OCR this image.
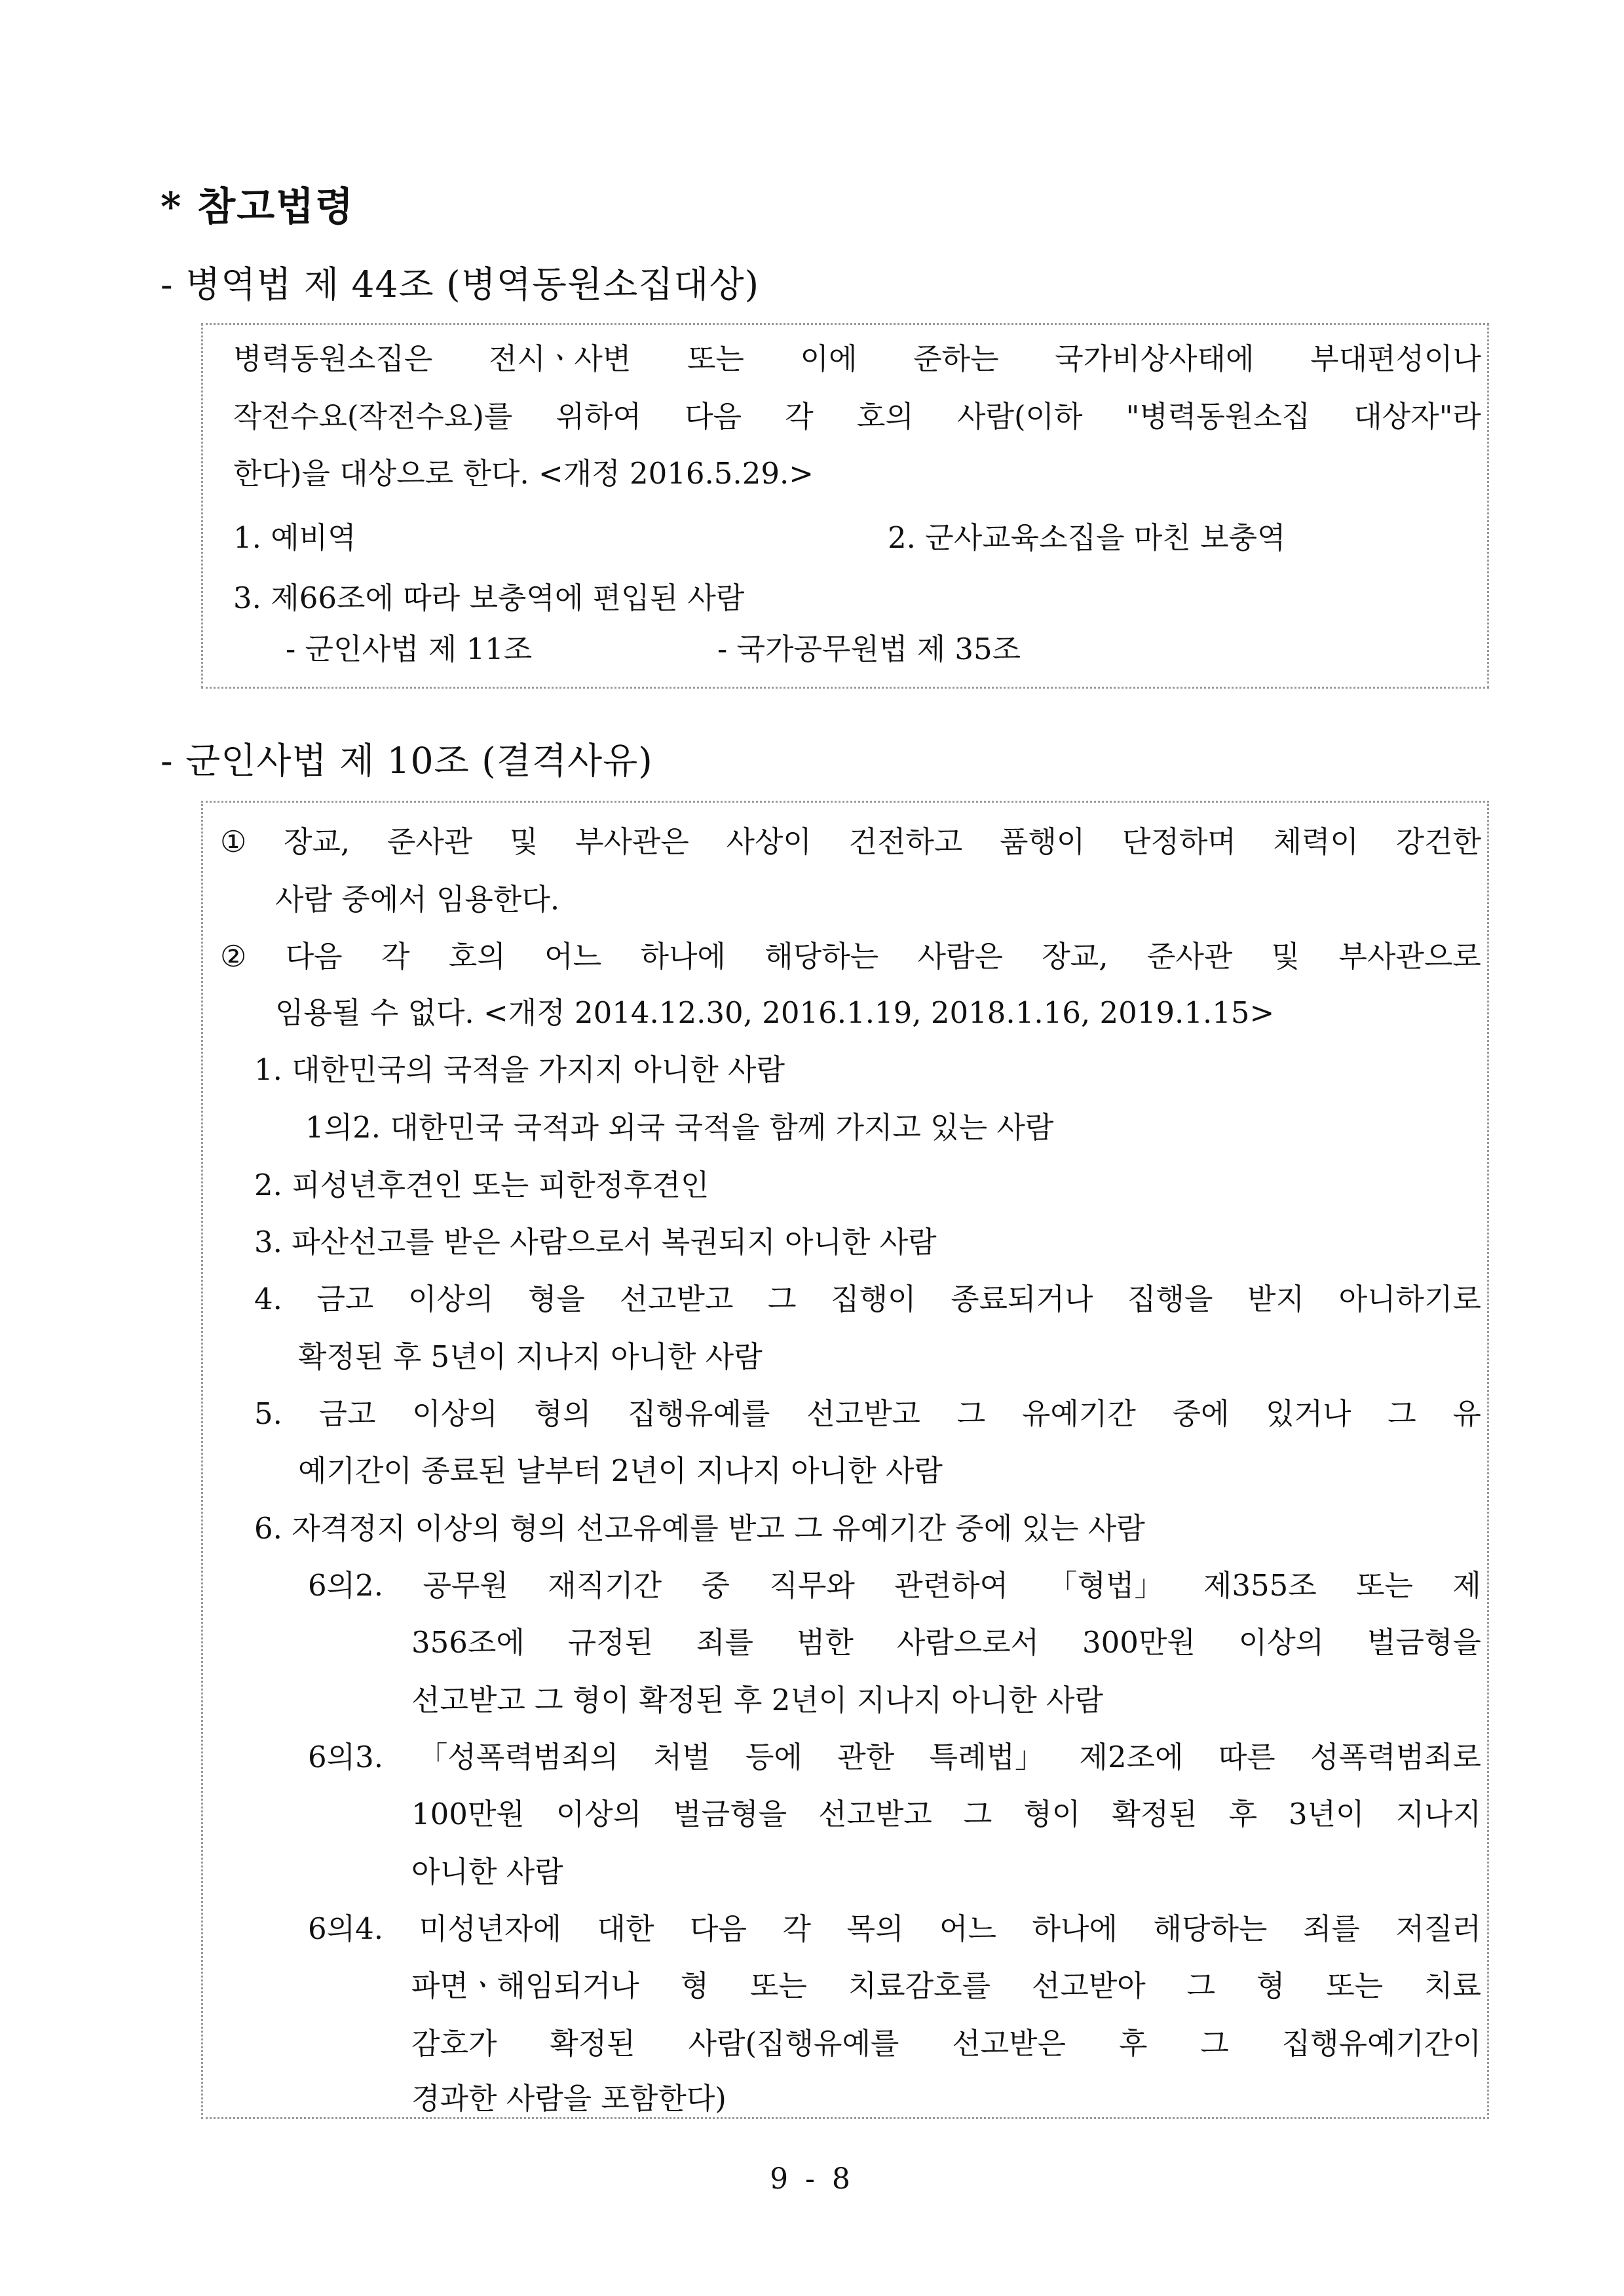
* 참고법령
- 병역법 제 44조 (병역동원소집대상)
병력동원소집은 전시ㆍ사변 또는 이에 준하는 국가비상사태에 부대편성이나
작전수요(작전수요)를 위하여 다음 각 호의 사람(이하 "병력동원소집 대상자"라
한다)을 대상으로 한다. <개정 2016.5.29.>
1. 예비역	2. 군사교육소집을 마친 보충역
3. 제66조에 따라 보충역에 편입된 사람
- 군인사법 제 11조	- 국가공무원법 제 35조
- 군인사법 제 10조 (결격사유)
① 장교, 준사관 및 부사관은 사상이 건전하고 품행이 단정하며 체력이 강건한
사람 중에서 임용한다.
② 다음 각 호의 어느 하나에 해당하는 사람은 장교, 준사관 및 부사관으로
임용될 수 없다. <개정 2014.12.30, 2016.1.19, 2018.1.16, 2019.1.15>
1. 대한민국의 국적을 가지지 아니한 사람
1의2. 대한민국 국적과 외국 국적을 함께 가지고 있는 사람
2. 피성년후견인 또는 피한정후견인
3. 파산선고를 받은 사람으로서 복권되지 아니한 사람
4. 금고 이상의 형을 선고받고 그 집행이 종료되거나 집행을 받지 아니하기로
확정된 후 5년이 지나지 아니한 사람
5. 금고 이상의 형의 집행유예를 선고받고 그 유예기간 중에 있거나 그 유
예기간이 종료된 날부터 2년이 지나지 아니한 사람
6. 자격정지 이상의 형의 선고유예를 받고 그 유예기간 중에 있는 사람
6의2. 공무원 재직기간 중 직무와 관련하여 「형법」 제355조 또는 제
356조에 규정된 죄를 범한 사람으로서 300만원 이상의 벌금형을
선고받고 그 형이 확정된 후 2년이 지나지 아니한 사람
6의3. 「성폭력범죄의 처벌 등에 관한 특례법」 제2조에 따른 성폭력범죄로
100만원 이상의 벌금형을 선고받고 그 형이 확정된 후 3년이 지나지
아니한 사람
6의4. 미성년자에 대한 다음 각 목의 어느 하나에 해당하는 죄를 저질러
파면ㆍ해임되거나 형 또는 치료감호를 선고받아 그 형 또는 치료
감호가 확정된 사람(집행유예를 선고받은 후 그 집행유예기간이
경과한 사람을 포함한다)
9 - 8
